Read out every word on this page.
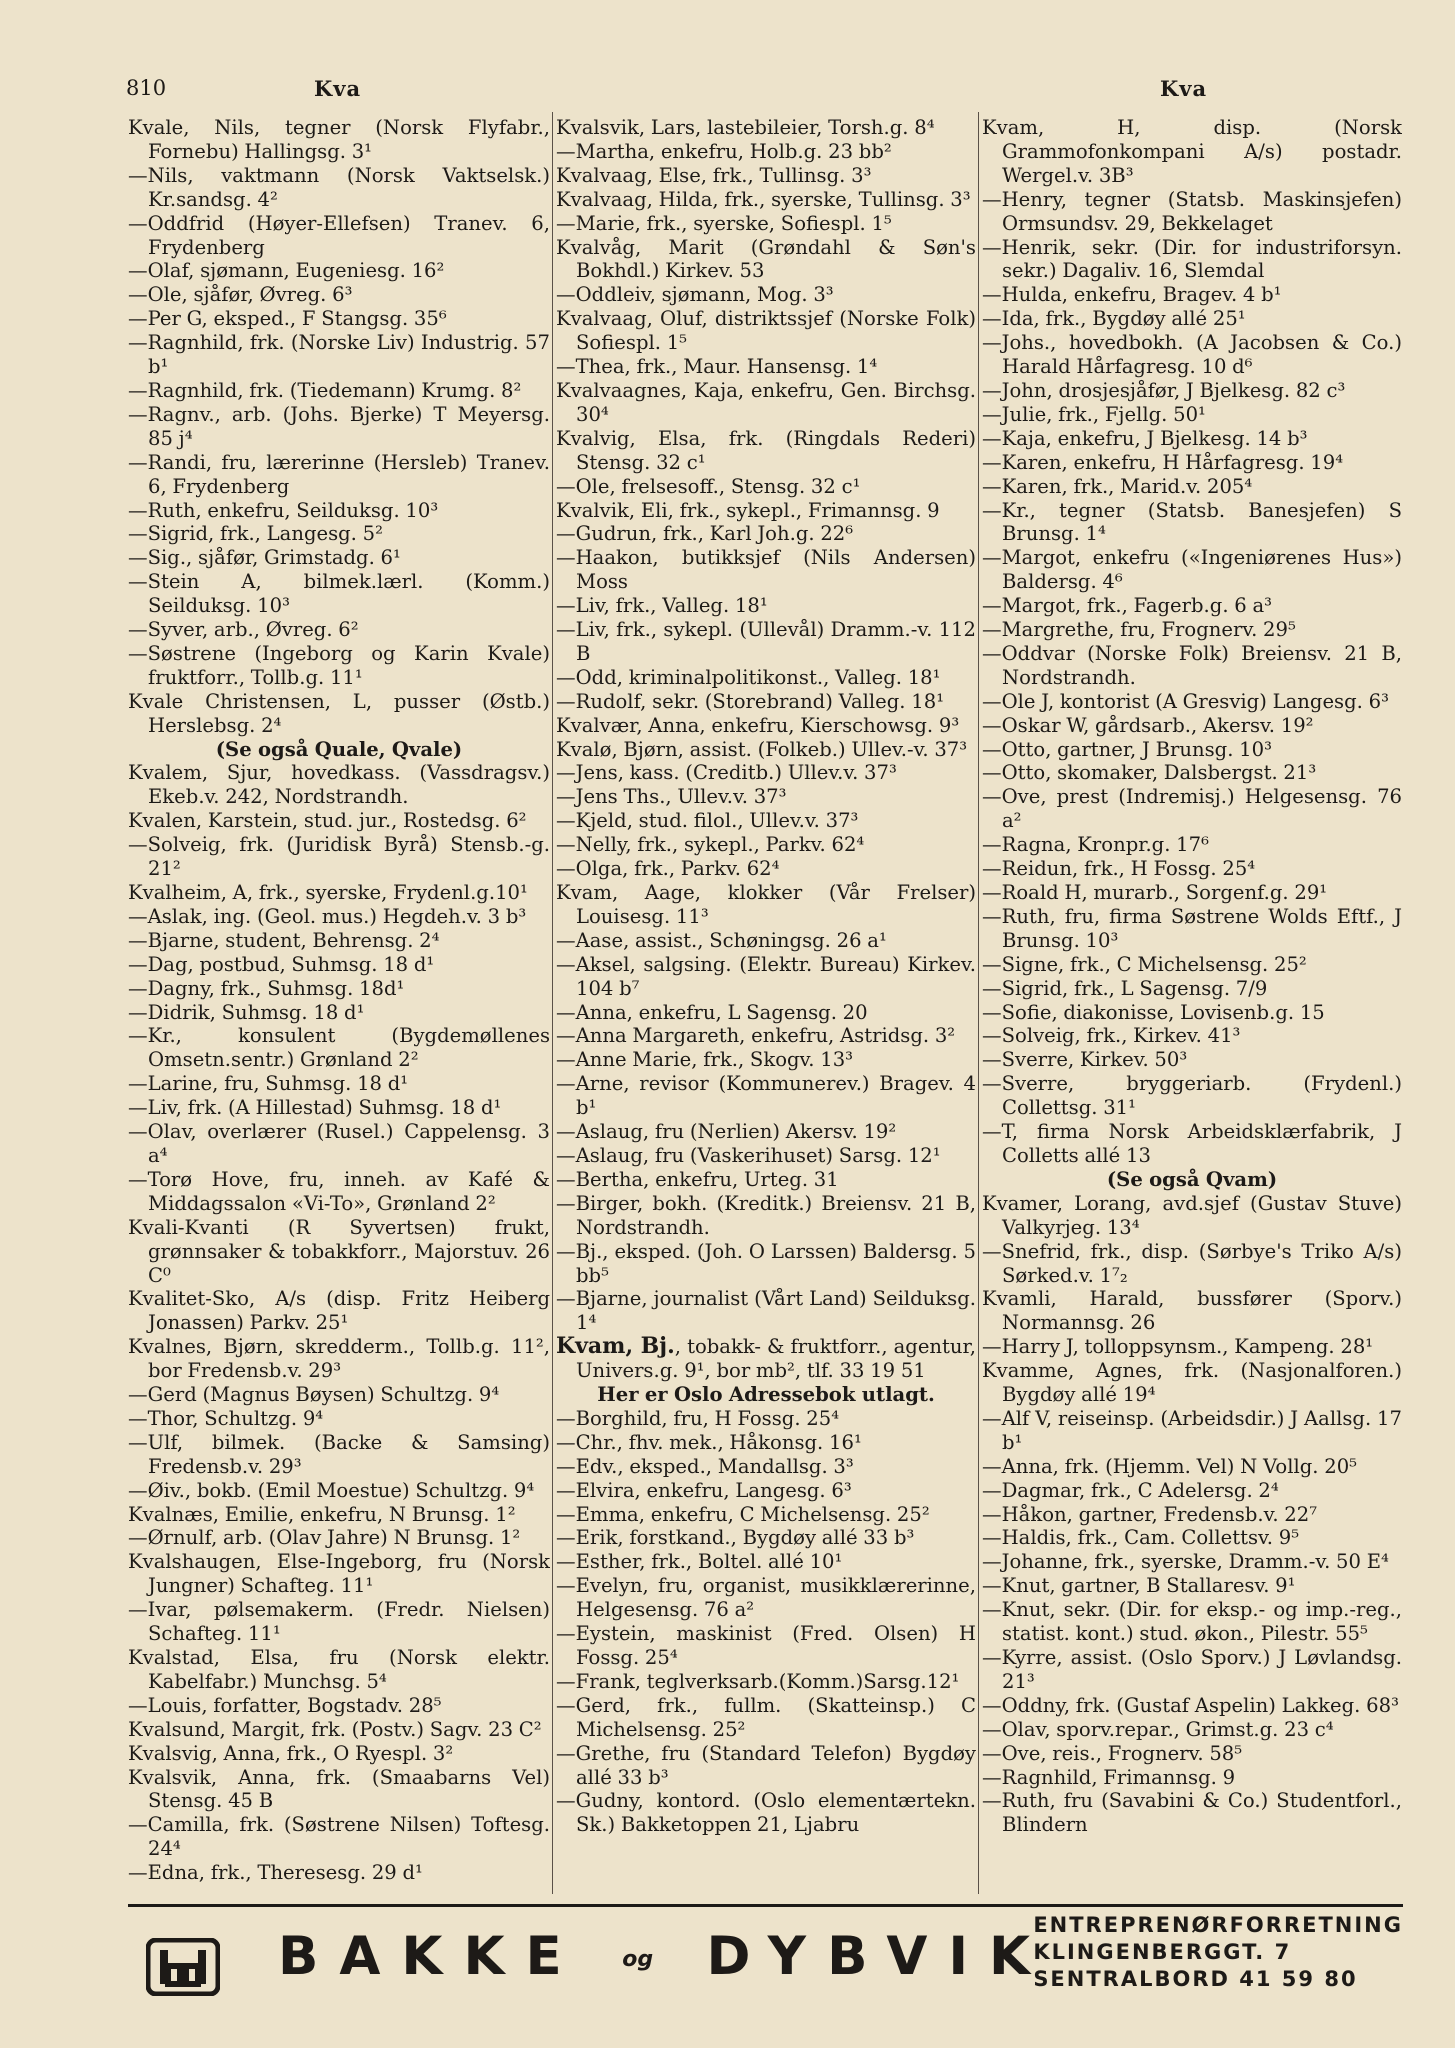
810	Kva	Kva
Kvale, Nils, tegner (Norsk Flyfabr., Fornebu) Hallingsg. 3¹
—Nils, vaktmann (Norsk Vaktselsk.) Kr.sandsg. 4²
—Oddfrid (Høyer-Ellefsen) Tranev. 6, Frydenberg
—Olaf, sjømann, Eugeniesg. 16²
—Ole, sjåfør, Øvreg. 6³
—Per G, eksped., F Stangsg. 35⁶
—Ragnhild, frk. (Norske Liv) Industrig. 57 b¹
—Ragnhild, frk. (Tiedemann) Krumg. 8²
—Ragnv., arb. (Johs. Bjerke) T Meyersg. 85 j⁴
—Randi, fru, lærerinne (Hersleb) Tranev. 6, Frydenberg
—Ruth, enkefru, Seilduksg. 10³
—Sigrid, frk., Langesg. 5²
—Sig., sjåfør, Grimstadg. 6¹
—Stein A, bilmek.lærl. (Komm.) Seilduksg. 10³
—Syver, arb., Øvreg. 6²
—Søstrene (Ingeborg og Karin Kvale) fruktforr., Tollb.g. 11¹
Kvale Christensen, L, pusser (Østb.) Herslebsg. 2⁴
(Se også Quale, Qvale)
Kvalem, Sjur, hovedkass. (Vassdragsv.) Ekeb.v. 242, Nordstrandh.
Kvalen, Karstein, stud. jur., Rostedsg. 6²
—Solveig, frk. (Juridisk Byrå) Stensb.-g. 21²
Kvalheim, A, frk., syerske, Frydenl.g.10¹
—Aslak, ing. (Geol. mus.) Hegdeh.v. 3 b³
—Bjarne, student, Behrensg. 2⁴
—Dag, postbud, Suhmsg. 18 d¹
—Dagny, frk., Suhmsg. 18d¹
—Didrik, Suhmsg. 18 d¹
—Kr., konsulent (Bygdemøllenes Omsetn.sentr.) Grønland 2²
—Larine, fru, Suhmsg. 18 d¹
—Liv, frk. (A Hillestad) Suhmsg. 18 d¹
—Olav, overlærer (Rusel.) Cappelensg. 3 a⁴
—Torø Hove, fru, inneh. av Kafé & Middagssalon «Vi-To», Grønland 2²
Kvali-Kvanti (R Syvertsen) frukt, grønnsaker & tobakkforr., Majorstuv. 26 C⁰
Kvalitet-Sko, A/s (disp. Fritz Heiberg Jonassen) Parkv. 25¹
Kvalnes, Bjørn, skredderm., Tollb.g. 11², bor Fredensb.v. 29³
—Gerd (Magnus Bøysen) Schultzg. 9⁴
—Thor, Schultzg. 9⁴
—Ulf, bilmek. (Backe & Samsing) Fredensb.v. 29³
—Øiv., bokb. (Emil Moestue) Schultzg. 9⁴
Kvalnæs, Emilie, enkefru, N Brunsg. 1²
—Ørnulf, arb. (Olav Jahre) N Brunsg. 1²
Kvalshaugen, Else-Ingeborg, fru (Norsk Jungner) Schafteg. 11¹
—Ivar, pølsemakerm. (Fredr. Nielsen) Schafteg. 11¹
Kvalstad, Elsa, fru (Norsk elektr. Kabelfabr.) Munchsg. 5⁴
—Louis, forfatter, Bogstadv. 28⁵
Kvalsund, Margit, frk. (Postv.) Sagv. 23 C²
Kvalsvig, Anna, frk., O Ryespl. 3²
Kvalsvik, Anna, frk. (Smaabarns Vel) Stensg. 45 B
—Camilla, frk. (Søstrene Nilsen) Toftesg. 24⁴
—Edna, frk., Theresesg. 29 d¹
Kvalsvik, Lars, lastebileier, Torsh.g. 8⁴
—Martha, enkefru, Holb.g. 23 bb²
Kvalvaag, Else, frk., Tullinsg. 3³
Kvalvaag, Hilda, frk., syerske, Tullinsg. 3³
—Marie, frk., syerske, Sofiespl. 1⁵
Kvalvåg, Marit (Grøndahl & Søn's Bokhdl.) Kirkev. 53
—Oddleiv, sjømann, Mog. 3³
Kvalvaag, Oluf, distriktssjef (Norske Folk) Sofiespl. 1⁵
—Thea, frk., Maur. Hansensg. 1⁴
Kvalvaagnes, Kaja, enkefru, Gen. Birchsg. 30⁴
Kvalvig, Elsa, frk. (Ringdals Rederi) Stensg. 32 c¹
—Ole, frelsesoff., Stensg. 32 c¹
Kvalvik, Eli, frk., sykepl., Frimannsg. 9
—Gudrun, frk., Karl Joh.g. 22⁶
—Haakon, butikksjef (Nils Andersen) Moss
—Liv, frk., Valleg. 18¹
—Liv, frk., sykepl. (Ullevål) Dramm.-v. 112 B
—Odd, kriminalpolitikonst., Valleg. 18¹
—Rudolf, sekr. (Storebrand) Valleg. 18¹
Kvalvær, Anna, enkefru, Kierschowsg. 9³
Kvalø, Bjørn, assist. (Folkeb.) Ullev.-v. 37³
—Jens, kass. (Creditb.) Ullev.v. 37³
—Jens Ths., Ullev.v. 37³
—Kjeld, stud. filol., Ullev.v. 37³
—Nelly, frk., sykepl., Parkv. 62⁴
—Olga, frk., Parkv. 62⁴
Kvam, Aage, klokker (Vår Frelser) Louisesg. 11³
—Aase, assist., Schøningsg. 26 a¹
—Aksel, salgsing. (Elektr. Bureau) Kirkev. 104 b⁷
—Anna, enkefru, L Sagensg. 20
—Anna Margareth, enkefru, Astridsg. 3²
—Anne Marie, frk., Skogv. 13³
—Arne, revisor (Kommunerev.) Bragev. 4 b¹
—Aslaug, fru (Nerlien) Akersv. 19²
—Aslaug, fru (Vaskerihuset) Sarsg. 12¹
—Bertha, enkefru, Urteg. 31
—Birger, bokh. (Kreditk.) Breiensv. 21 B, Nordstrandh.
—Bj., eksped. (Joh. O Larssen) Baldersg. 5 bb⁵
—Bjarne, journalist (Vårt Land) Seilduksg. 1⁴
Kvam, Bj., tobakk- & fruktforr., agentur, Univers.g. 9¹, bor mb², tlf. 33 19 51
Her er Oslo Adressebok utlagt.
—Borghild, fru, H Fossg. 25⁴
—Chr., fhv. mek., Håkonsg. 16¹
—Edv., eksped., Mandallsg. 3³
—Elvira, enkefru, Langesg. 6³
—Emma, enkefru, C Michelsensg. 25²
—Erik, forstkand., Bygdøy allé 33 b³
—Esther, frk., Boltel. allé 10¹
—Evelyn, fru, organist, musikklærerinne, Helgesensg. 76 a²
—Eystein, maskinist (Fred. Olsen) H Fossg. 25⁴
—Frank, teglverksarb.(Komm.)Sarsg.12¹
—Gerd, frk., fullm. (Skatteinsp.) C Michelsensg. 25²
—Grethe, fru (Standard Telefon) Bygdøy allé 33 b³
—Gudny, kontord. (Oslo elementærtekn. Sk.) Bakketoppen 21, Ljabru
Kvam, H, disp. (Norsk Grammofonkompani A/s) postadr. Wergel.v. 3B³
—Henry, tegner (Statsb. Maskinsjefen) Ormsundsv. 29, Bekkelaget
—Henrik, sekr. (Dir. for industriforsyn. sekr.) Dagaliv. 16, Slemdal
—Hulda, enkefru, Bragev. 4 b¹
—Ida, frk., Bygdøy allé 25¹
—Johs., hovedbokh. (A Jacobsen & Co.) Harald Hårfagresg. 10 d⁶
—John, drosjesjåfør, J Bjelkesg. 82 c³
—Julie, frk., Fjellg. 50¹
—Kaja, enkefru, J Bjelkesg. 14 b³
—Karen, enkefru, H Hårfagresg. 19⁴
—Karen, frk., Marid.v. 205⁴
—Kr., tegner (Statsb. Banesjefen) S Brunsg. 1⁴
—Margot, enkefru («Ingeniørenes Hus») Baldersg. 4⁶
—Margot, frk., Fagerb.g. 6 a³
—Margrethe, fru, Frognerv. 29⁵
—Oddvar (Norske Folk) Breiensv. 21 B, Nordstrandh.
—Ole J, kontorist (A Gresvig) Langesg. 6³
—Oskar W, gårdsarb., Akersv. 19²
—Otto, gartner, J Brunsg. 10³
—Otto, skomaker, Dalsbergst. 21³
—Ove, prest (Indremisj.) Helgesensg. 76 a²
—Ragna, Kronpr.g. 17⁶
—Reidun, frk., H Fossg. 25⁴
—Roald H, murarb., Sorgenf.g. 29¹
—Ruth, fru, firma Søstrene Wolds Eftf., J Brunsg. 10³
—Signe, frk., C Michelsensg. 25²
—Sigrid, frk., L Sagensg. 7/9
—Sofie, diakonisse, Lovisenb.g. 15
—Solveig, frk., Kirkev. 41³
—Sverre, Kirkev. 50³
—Sverre, bryggeriarb. (Frydenl.) Collettsg. 31¹
—T, firma Norsk Arbeidsklærfabrik, J Colletts allé 13
(Se også Qvam)
Kvamer, Lorang, avd.sjef (Gustav Stuve) Valkyrjeg. 13⁴
—Snefrid, frk., disp. (Sørbye's Triko A/s) Sørked.v. 1⁷₂
Kvamli, Harald, bussfører (Sporv.) Normannsg. 26
—Harry J, tolloppsynsm., Kampeng. 28¹
Kvamme, Agnes, frk. (Nasjonalforen.) Bygdøy allé 19⁴
—Alf V, reiseinsp. (Arbeidsdir.) J Aallsg. 17 b¹
—Anna, frk. (Hjemm. Vel) N Vollg. 20⁵
—Dagmar, frk., C Adelersg. 2⁴
—Håkon, gartner, Fredensb.v. 22⁷
—Haldis, frk., Cam. Collettsv. 9⁵
—Johanne, frk., syerske, Dramm.-v. 50 E⁴
—Knut, gartner, B Stallaresv. 9¹
—Knut, sekr. (Dir. for eksp.- og imp.-reg., statist. kont.) stud. økon., Pilestr. 55⁵
—Kyrre, assist. (Oslo Sporv.) J Løvlandsg. 21³
—Oddny, frk. (Gustaf Aspelin) Lakkeg. 68³
—Olav, sporv.repar., Grimst.g. 23 c⁴
—Ove, reis., Frognerv. 58⁵
—Ragnhild, Frimannsg. 9
—Ruth, fru (Savabini & Co.) Studentforl., Blindern
BAKKE og DYBVIK
ENTREPRENØRFORRETNING
KLINGENBERGGT. 7
SENTRALBORD 41 59 80
